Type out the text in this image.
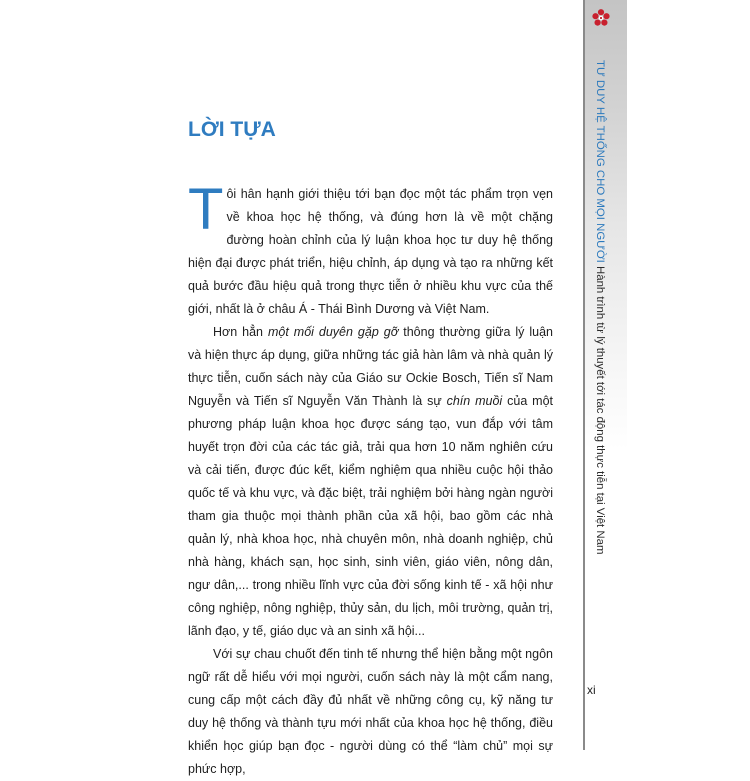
TƯ DUY HỆ THỐNG CHO MỌI NGƯỜI Hành trình từ lý thuyết tới tác động thực tiễn tại Việt Nam
LỜI TỰA

Tôi hân hạnh giới thiệu tới bạn đọc một tác phẩm trọn vẹn về khoa học hệ thống, và đúng hơn là về một chặng đường hoàn chỉnh của lý luận khoa học tư duy hệ thống hiện đại được phát triển, hiệu chỉnh, áp dụng và tạo ra những kết quả bước đầu hiệu quả trong thực tiễn ở nhiều khu vực của thế giới, nhất là ở châu Á - Thái Bình Dương và Việt Nam.

Hơn hẳn một mối duyên gặp gỡ thông thường giữa lý luận và hiện thực áp dụng, giữa những tác giả hàn lâm và nhà quản lý thực tiễn, cuốn sách này của Giáo sư Ockie Bosch, Tiến sĩ Nam Nguyễn và Tiến sĩ Nguyễn Văn Thành là sự chín muồi của một phương pháp luận khoa học được sáng tạo, vun đắp với tâm huyết trọn đời của các tác giả, trải qua hơn 10 năm nghiên cứu và cải tiến, được đúc kết, kiểm nghiệm qua nhiều cuộc hội thảo quốc tế và khu vực, và đặc biệt, trải nghiệm bởi hàng ngàn người tham gia thuộc mọi thành phần của xã hội, bao gồm các nhà quản lý, nhà khoa học, nhà chuyên môn, nhà doanh nghiệp, chủ nhà hàng, khách sạn, học sinh, sinh viên, giáo viên, nông dân, ngư dân,... trong nhiều lĩnh vực của đời sống kinh tế - xã hội như công nghiệp, nông nghiệp, thủy sản, du lịch, môi trường, quản trị, lãnh đạo, y tế, giáo dục và an sinh xã hội...

Với sự chau chuốt đến tinh tế nhưng thể hiện bằng một ngôn ngữ rất dễ hiểu với mọi người, cuốn sách này là một cẩm nang, cung cấp một cách đầy đủ nhất về những công cụ, kỹ năng tư duy hệ thống và thành tựu mới nhất của khoa học hệ thống, điều khiển học giúp bạn đọc - người dùng có thể “làm chủ” mọi sự phức hợp,

xi
